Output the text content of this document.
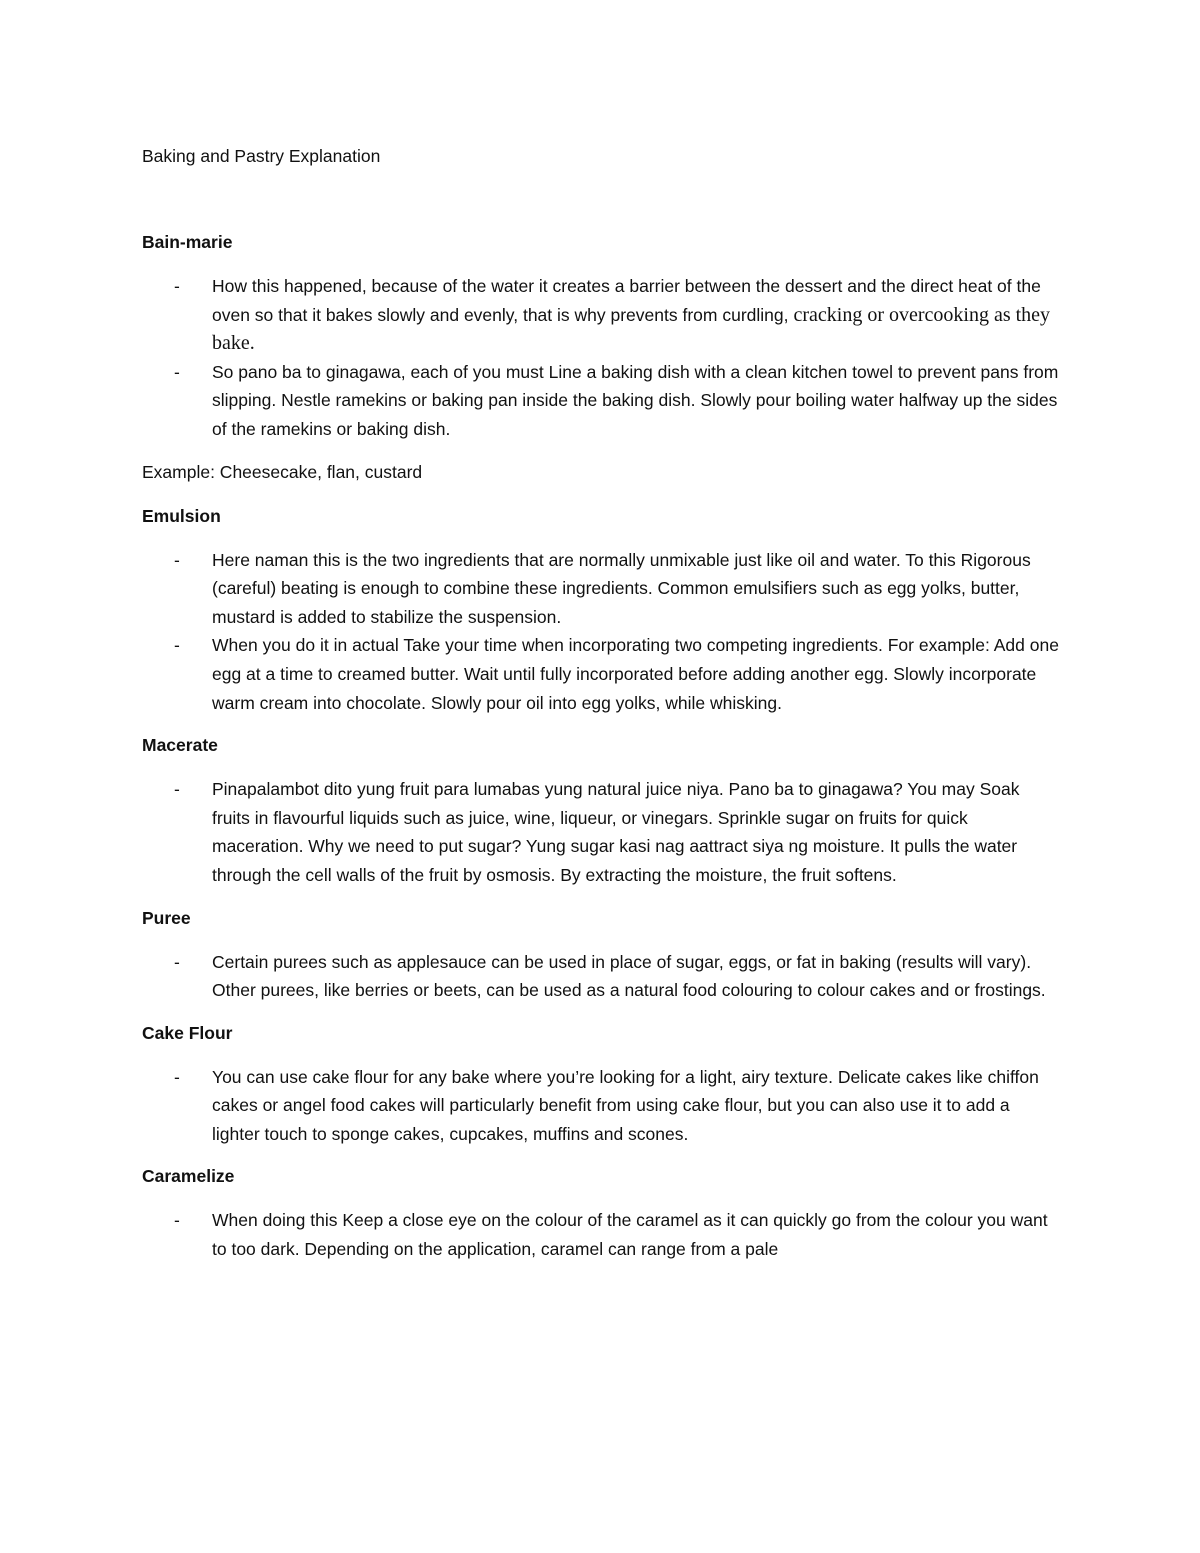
Baking and Pastry Explanation

Bain-marie

- How this happened, because of the water it creates a barrier between the dessert and the direct heat of the oven so that it bakes slowly and evenly, that is why prevents from curdling, cracking or overcooking as they bake.
- So pano ba to ginagawa, each of you must Line a baking dish with a clean kitchen towel to prevent pans from slipping. Nestle ramekins or baking pan inside the baking dish. Slowly pour boiling water halfway up the sides of the ramekins or baking dish.

Example: Cheesecake, flan, custard

Emulsion

- Here naman this is the two ingredients that are normally unmixable just like oil and water. To this Rigorous (careful) beating is enough to combine these ingredients. Common emulsifiers such as egg yolks, butter, mustard is added to stabilize the suspension.
- When you do it in actual Take your time when incorporating two competing ingredients. For example: Add one egg at a time to creamed butter. Wait until fully incorporated before adding another egg. Slowly incorporate warm cream into chocolate. Slowly pour oil into egg yolks, while whisking.

Macerate

- Pinapalambot dito yung fruit para lumabas yung natural juice niya. Pano ba to ginagawa? You may Soak fruits in flavourful liquids such as juice, wine, liqueur, or vinegars. Sprinkle sugar on fruits for quick maceration. Why we need to put sugar? Yung sugar kasi nag aattract siya ng moisture. It pulls the water through the cell walls of the fruit by osmosis. By extracting the moisture, the fruit softens.

Puree

- Certain purees such as applesauce can be used in place of sugar, eggs, or fat in baking (results will vary). Other purees, like berries or beets, can be used as a natural food colouring to colour cakes and or frostings.

Cake Flour

- You can use cake flour for any bake where you’re looking for a light, airy texture. Delicate cakes like chiffon cakes or angel food cakes will particularly benefit from using cake flour, but you can also use it to add a lighter touch to sponge cakes, cupcakes, muffins and scones.

Caramelize

- When doing this Keep a close eye on the colour of the caramel as it can quickly go from the colour you want to too dark. Depending on the application, caramel can range from a pale
